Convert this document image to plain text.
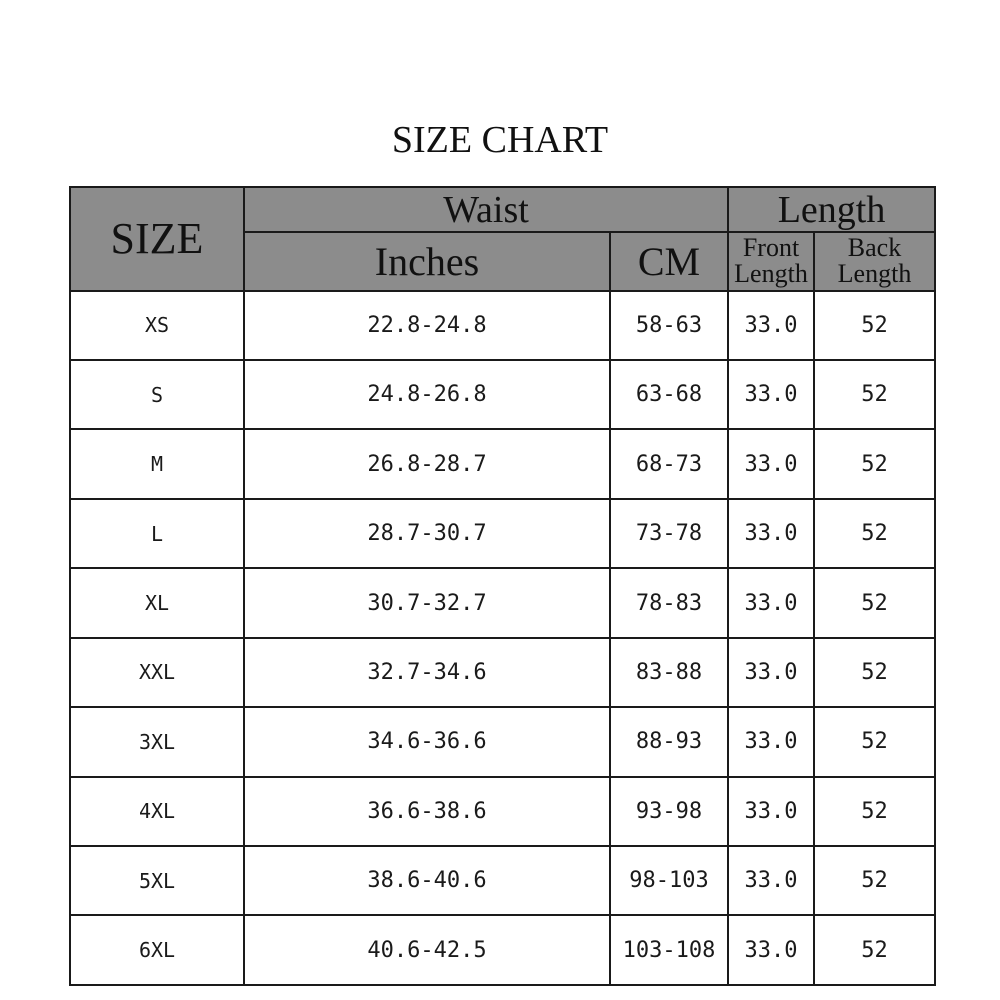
SIZE CHART
SIZE	Waist		Length	
	Inches	CM	Front Length	Back Length
XS	22.8-24.8	58-63	33.0	52
S	24.8-26.8	63-68	33.0	52
M	26.8-28.7	68-73	33.0	52
L	28.7-30.7	73-78	33.0	52
XL	30.7-32.7	78-83	33.0	52
XXL	32.7-34.6	83-88	33.0	52
3XL	34.6-36.6	88-93	33.0	52
4XL	36.6-38.6	93-98	33.0	52
5XL	38.6-40.6	98-103	33.0	52
6XL	40.6-42.5	103-108	33.0	52
